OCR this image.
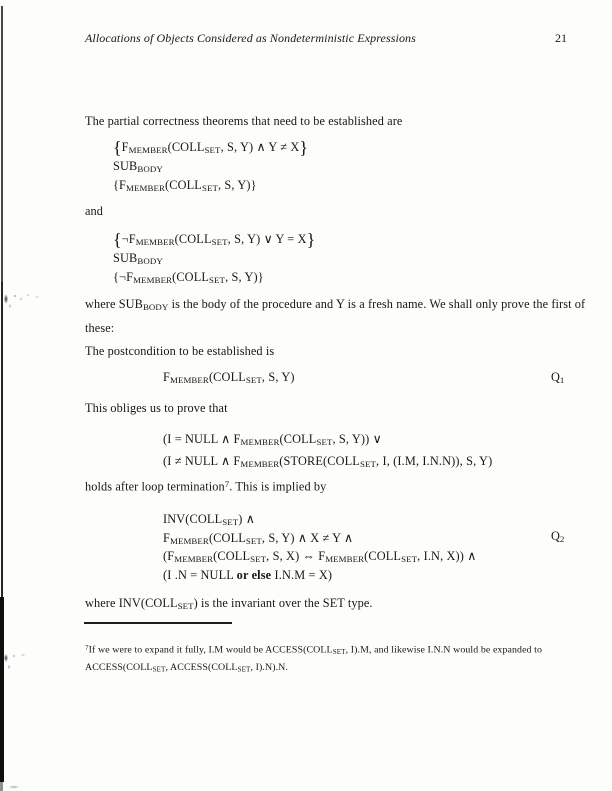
Allocations of Objects Considered as Nondeterministic Expressions	21
The partial correctness theorems that need to be established are
{$F_{MEMBER}(COLL_{SET}$, S, Y) ∧ Y ≠ X}
$SUB_{BODY}$
{$F_{MEMBER}(COLL_{SET}$, S, Y)}
and
{$\neg F_{MEMBER}(COLL_{SET}$, S, Y) ∨ Y = X}
$SUB_{BODY}$
{$\neg F_{MEMBER}(COLL_{SET}$, S, Y)}
where $SUB_{BODY}$ is the body of the procedure and Y is a fresh name. We shall only prove the first of
these:
The postcondition to be established is
$F_{MEMBER}(COLL_{SET}$, S, Y)	$Q_1$
This obliges us to prove that
(I = NULL ∧ $F_{MEMBER}(COLL_{SET}$, S, Y)) ∨
(I ≠ NULL ∧ $F_{MEMBER}(STORE(COLL_{SET}$, I, (I.M, I.N.N)), S, Y)
holds after loop termination$^7$. This is implied by
$INV(COLL_{SET})$ ∧
$F_{MEMBER}(COLL_{SET}$, S, Y) ∧ X ≠ Y ∧
($F_{MEMBER}(COLL_{SET}$, S, X) ⇔ $F_{MEMBER}(COLL_{SET}$, I.N, X)) ∧
(I .N = NULL or else I.N.M = X)
$Q_2$
where $INV(COLL_{SET})$ is the invariant over the SET type.
$^7$If we were to expand it fully, I.M would be $ACCESS(COLL_{SET}$, I).M, and likewise I.N.N would be expanded to
$ACCESS(COLL_{SET}$, $ACCESS(COLL_{SET}$, I).N).N.
